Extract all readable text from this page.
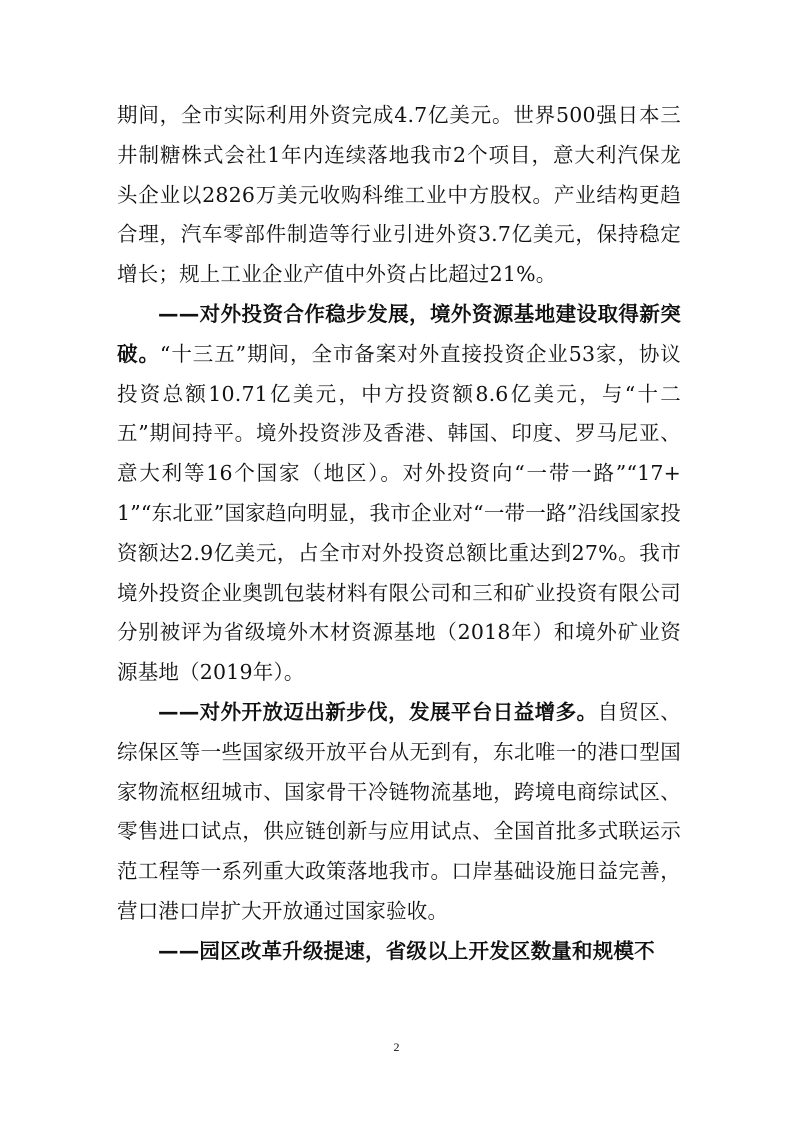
期间，全市实际利用外资完成4.7亿美元。世界500强日本三井制糖株式会社1年内连续落地我市2个项目，意大利汽保龙头企业以2826万美元收购科维工业中方股权。产业结构更趋合理，汽车零部件制造等行业引进外资3.7亿美元，保持稳定增长；规上工业企业产值中外资占比超过21%。

——对外投资合作稳步发展，境外资源基地建设取得新突破。“十三五”期间，全市备案对外直接投资企业53家，协议投资总额10.71亿美元，中方投资额8.6亿美元，与“十二五”期间持平。境外投资涉及香港、韩国、印度、罗马尼亚、意大利等16个国家（地区）。对外投资向“一带一路”“17+1”“东北亚”国家趋向明显，我市企业对“一带一路”沿线国家投资额达2.9亿美元，占全市对外投资总额比重达到27%。我市境外投资企业奥凯包装材料有限公司和三和矿业投资有限公司分别被评为省级境外木材资源基地（2018年）和境外矿业资源基地（2019年）。

——对外开放迈出新步伐，发展平台日益增多。自贸区、综保区等一些国家级开放平台从无到有，东北唯一的港口型国家物流枢纽城市、国家骨干冷链物流基地，跨境电商综试区、零售进口试点，供应链创新与应用试点、全国首批多式联运示范工程等一系列重大政策落地我市。口岸基础设施日益完善，营口港口岸扩大开放通过国家验收。

——园区改革升级提速，省级以上开发区数量和规模不

2
